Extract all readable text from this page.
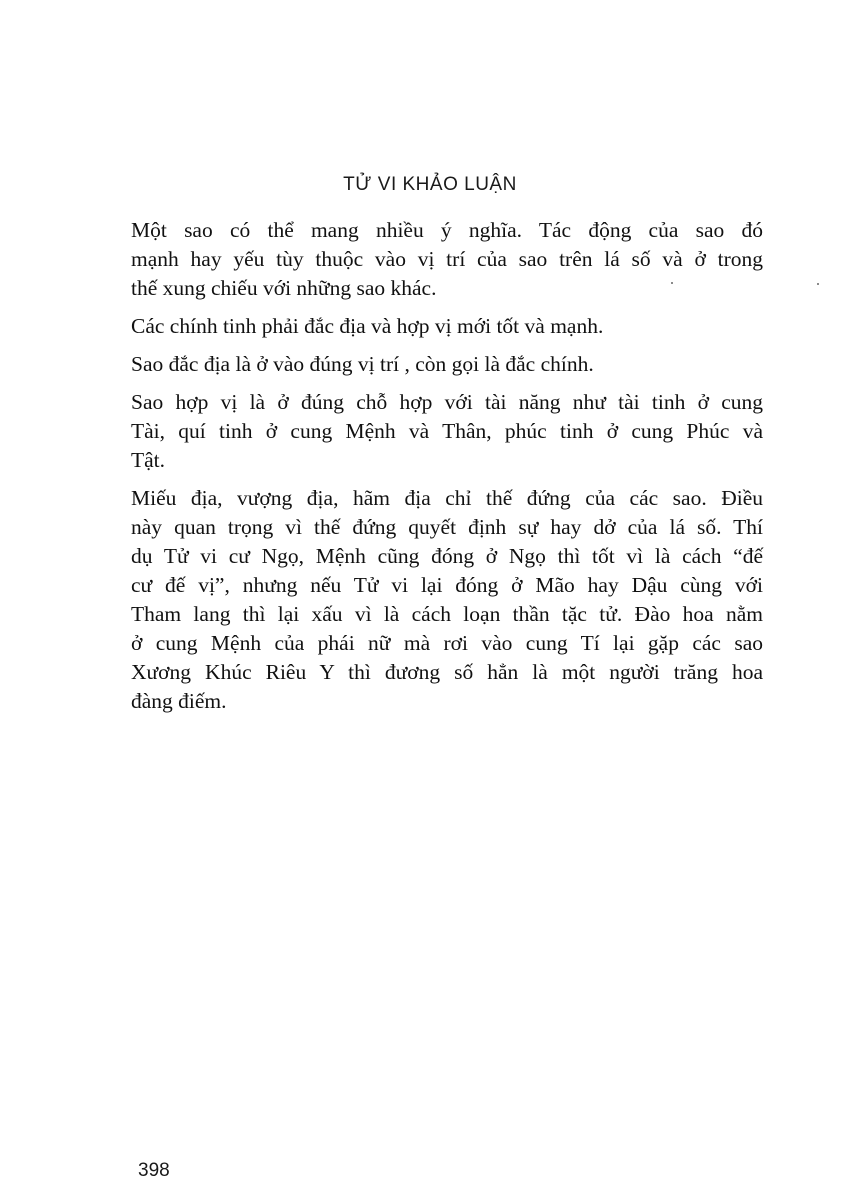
TỬ VI KHẢO LUẬN

Một sao có thể mang nhiều ý nghĩa. Tác động của sao đó
mạnh hay yếu tùy thuộc vào vị trí của sao trên lá số và ở trong
thế xung chiếu với những sao khác.

Các chính tinh phải đắc địa và hợp vị mới tốt và mạnh.

Sao đắc địa là ở vào đúng vị trí , còn gọi là đắc chính.

Sao hợp vị là ở đúng chỗ hợp với tài năng như tài tinh ở cung
Tài, quí tinh ở cung Mệnh và Thân, phúc tinh ở cung Phúc và
Tật.

Miếu địa, vượng địa, hãm địa chỉ thế đứng của các sao. Điều
này quan trọng vì thế đứng quyết định sự hay dở của lá số. Thí
dụ Tử vi cư Ngọ, Mệnh cũng đóng ở Ngọ thì tốt vì là cách “đế
cư đế vị”, nhưng nếu Tử vi lại đóng ở Mão hay Dậu cùng với
Tham lang thì lại xấu vì là cách loạn thần tặc tử. Đào hoa nằm
ở cung Mệnh của phái nữ mà rơi vào cung Tí lại gặp các sao
Xương Khúc Riêu Y thì đương số hẳn là một người trăng hoa
đàng điếm.

398
